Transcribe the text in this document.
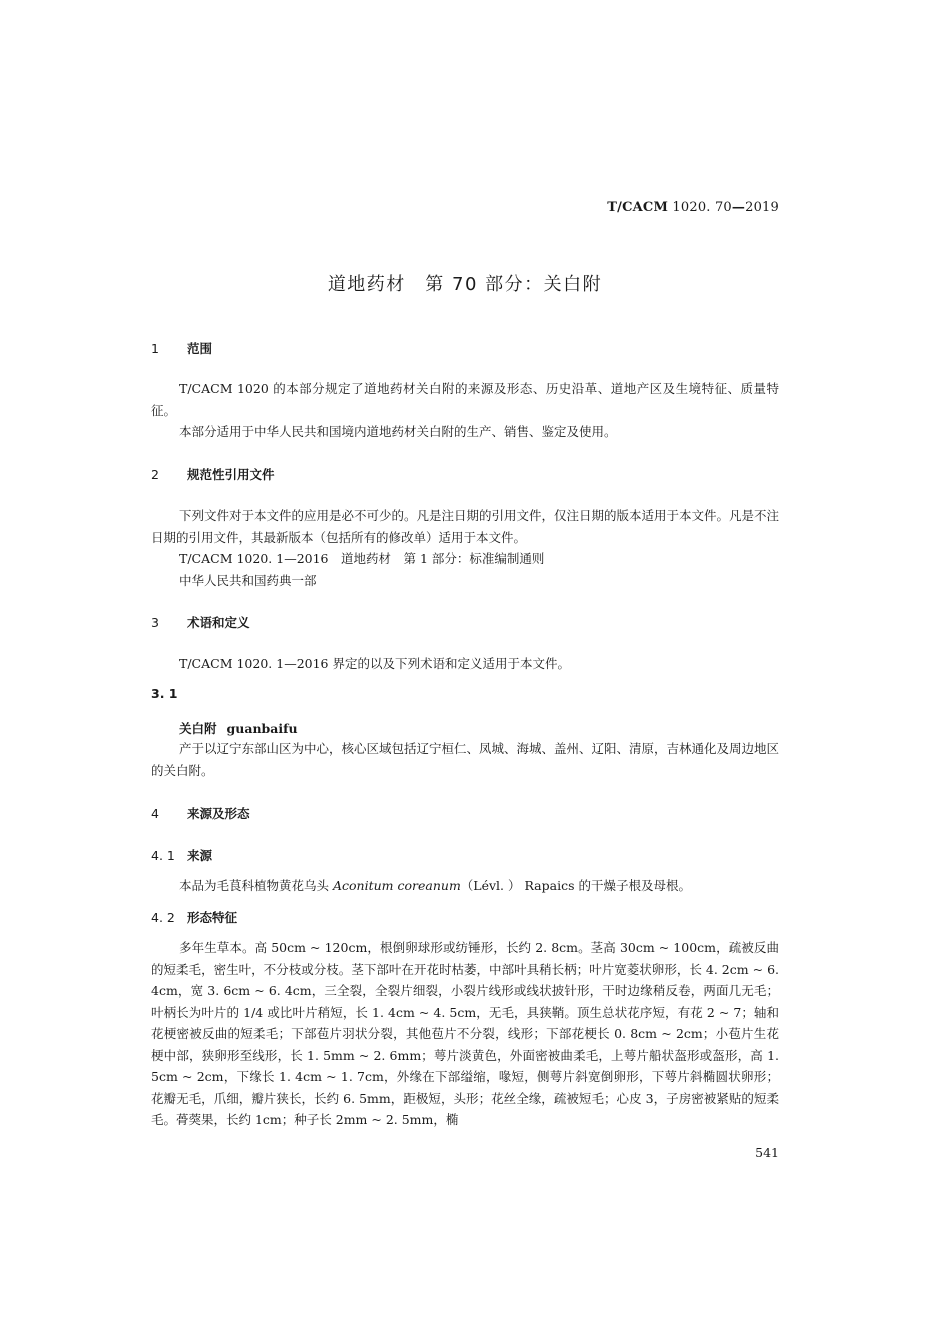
T/CACM 1020. 70—2019
道地药材　第 70 部分：关白附
1 范围
T/CACM 1020 的本部分规定了道地药材关白附的来源及形态、历史沿革、道地产区及生境特征、质量特征。
本部分适用于中华人民共和国境内道地药材关白附的生产、销售、鉴定及使用。
2 规范性引用文件
下列文件对于本文件的应用是必不可少的。凡是注日期的引用文件，仅注日期的版本适用于本文件。凡是不注日期的引用文件，其最新版本（包括所有的修改单）适用于本文件。
T/CACM 1020. 1—2016　道地药材　第 1 部分：标准编制通则
中华人民共和国药典一部
3 术语和定义
T/CACM 1020. 1—2016 界定的以及下列术语和定义适用于本文件。
3. 1
关白附 guanbaifu
产于以辽宁东部山区为中心，核心区域包括辽宁桓仁、凤城、海城、盖州、辽阳、清原，吉林通化及周边地区的关白附。
4 来源及形态
4. 1 来源
本品为毛茛科植物黄花乌头 Aconitum coreanum（Lévl. ） Rapaics 的干燥子根及母根。
4. 2 形态特征
多年生草本。高 50cm ~ 120cm，根倒卵球形或纺锤形，长约 2. 8cm。茎高 30cm ~ 100cm，疏被反曲的短柔毛，密生叶，不分枝或分枝。茎下部叶在开花时枯萎，中部叶具稍长柄；叶片宽菱状卵形，长 4. 2cm ~ 6. 4cm，宽 3. 6cm ~ 6. 4cm，三全裂，全裂片细裂，小裂片线形或线状披针形，干时边缘稍反卷，两面几无毛；叶柄长为叶片的 1/4 或比叶片稍短，长 1. 4cm ~ 4. 5cm，无毛，具狭鞘。顶生总状花序短，有花 2 ~ 7；轴和花梗密被反曲的短柔毛；下部苞片羽状分裂，其他苞片不分裂，线形；下部花梗长 0. 8cm ~ 2cm；小苞片生花梗中部，狭卵形至线形，长 1. 5mm ~ 2. 6mm；萼片淡黄色，外面密被曲柔毛，上萼片船状盔形或盔形，高 1. 5cm ~ 2cm，下缘长 1. 4cm ~ 1. 7cm，外缘在下部缢缩，喙短，侧萼片斜宽倒卵形，下萼片斜椭圆状卵形；花瓣无毛，爪细，瓣片狭长，长约 6. 5mm，距极短，头形；花丝全缘，疏被短毛；心皮 3，子房密被紧贴的短柔毛。蓇葖果，长约 1cm；种子长 2mm ~ 2. 5mm，椭
541
